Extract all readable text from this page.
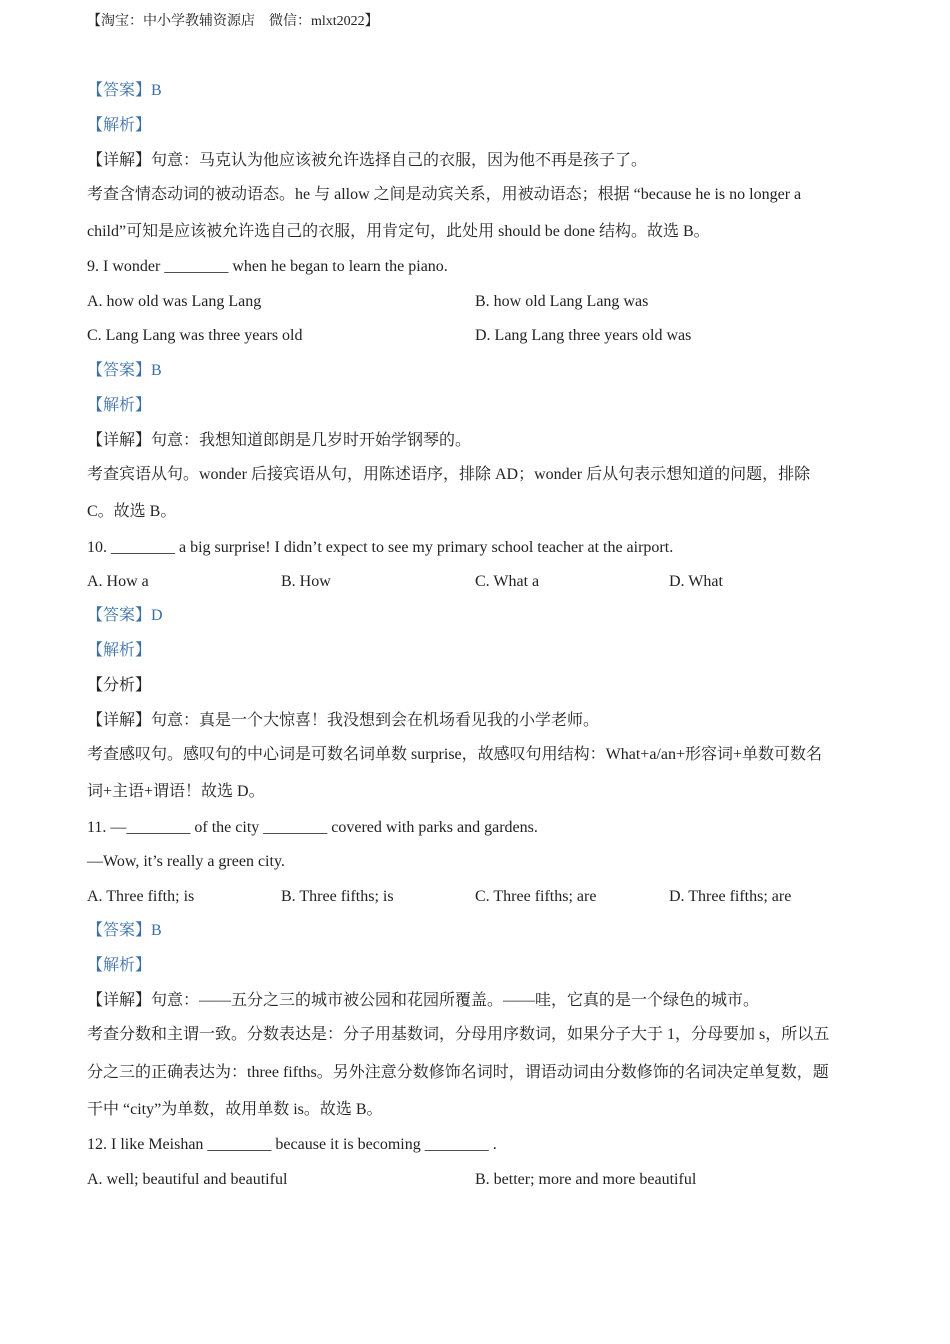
【淘宝：中小学教辅资源店　微信：mlxt2022】
【答案】B
【解析】
【详解】句意：马克认为他应该被允许选择自己的衣服，因为他不再是孩子了。
考查含情态动词的被动语态。he 与 allow 之间是动宾关系，用被动语态；根据 “because he is no longer a
child”可知是应该被允许选自己的衣服，用肯定句，此处用 should be done 结构。故选 B。
9. I wonder ________ when he began to learn the piano.
A. how old was Lang Lang	B. how old Lang Lang was
C. Lang Lang was three years old	D. Lang Lang three years old was
【答案】B
【解析】
【详解】句意：我想知道郎朗是几岁时开始学钢琴的。
考查宾语从句。wonder 后接宾语从句，用陈述语序，排除 AD；wonder 后从句表示想知道的问题，排除
C。故选 B。
10. ________ a big surprise! I didn’t expect to see my primary school teacher at the airport.
A. How a	B. How	C. What a	D. What
【答案】D
【解析】
【分析】
【详解】句意：真是一个大惊喜！我没想到会在机场看见我的小学老师。
考查感叹句。感叹句的中心词是可数名词单数 surprise，故感叹句用结构：What+a/an+形容词+单数可数名
词+主语+谓语！故选 D。
11. —________ of the city ________ covered with parks and gardens.
—Wow, it’s really a green city.
A. Three fifth; is	B. Three fifths; is	C. Three fifths; are	D. Three fifths; are
【答案】B
【解析】
【详解】句意：——五分之三的城市被公园和花园所覆盖。——哇，它真的是一个绿色的城市。
考查分数和主谓一致。分数表达是：分子用基数词，分母用序数词，如果分子大于 1，分母要加 s，所以五
分之三的正确表达为：three fifths。另外注意分数修饰名词时，谓语动词由分数修饰的名词决定单复数，题
干中 “city”为单数，故用单数 is。故选 B。
12. I like Meishan ________ because it is becoming ________ .
A. well; beautiful and beautiful	B. better; more and more beautiful
